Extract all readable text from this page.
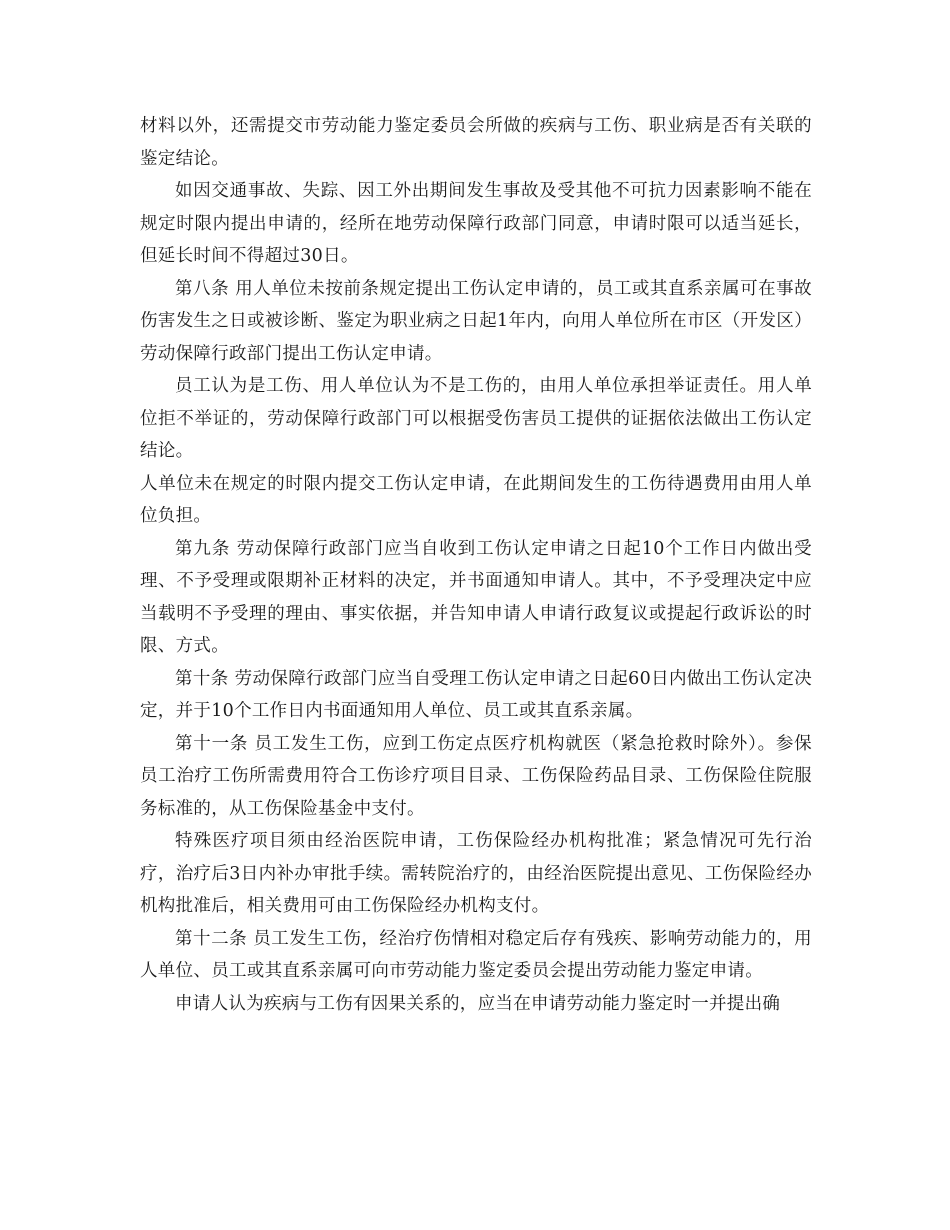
材料以外，还需提交市劳动能力鉴定委员会所做的疾病与工伤、职业病是否有关联的鉴定结论。

如因交通事故、失踪、因工外出期间发生事故及受其他不可抗力因素影响不能在规定时限内提出申请的，经所在地劳动保障行政部门同意，申请时限可以适当延长，但延长时间不得超过30日。

第八条 用人单位未按前条规定提出工伤认定申请的，员工或其直系亲属可在事故伤害发生之日或被诊断、鉴定为职业病之日起1年内，向用人单位所在市区（开发区）劳动保障行政部门提出工伤认定申请。

员工认为是工伤、用人单位认为不是工伤的，由用人单位承担举证责任。用人单位拒不举证的，劳动保障行政部门可以根据受伤害员工提供的证据依法做出工伤认定结论。

人单位未在规定的时限内提交工伤认定申请，在此期间发生的工伤待遇费用由用人单位负担。

第九条 劳动保障行政部门应当自收到工伤认定申请之日起10个工作日内做出受理、不予受理或限期补正材料的决定，并书面通知申请人。其中，不予受理决定中应当载明不予受理的理由、事实依据，并告知申请人申请行政复议或提起行政诉讼的时限、方式。

第十条 劳动保障行政部门应当自受理工伤认定申请之日起60日内做出工伤认定决定，并于10个工作日内书面通知用人单位、员工或其直系亲属。

第十一条 员工发生工伤，应到工伤定点医疗机构就医（紧急抢救时除外）。参保员工治疗工伤所需费用符合工伤诊疗项目目录、工伤保险药品目录、工伤保险住院服务标准的，从工伤保险基金中支付。

特殊医疗项目须由经治医院申请，工伤保险经办机构批准；紧急情况可先行治疗，治疗后3日内补办审批手续。需转院治疗的，由经治医院提出意见、工伤保险经办机构批准后，相关费用可由工伤保险经办机构支付。

第十二条 员工发生工伤，经治疗伤情相对稳定后存有残疾、影响劳动能力的，用人单位、员工或其直系亲属可向市劳动能力鉴定委员会提出劳动能力鉴定申请。

申请人认为疾病与工伤有因果关系的，应当在申请劳动能力鉴定时一并提出确
